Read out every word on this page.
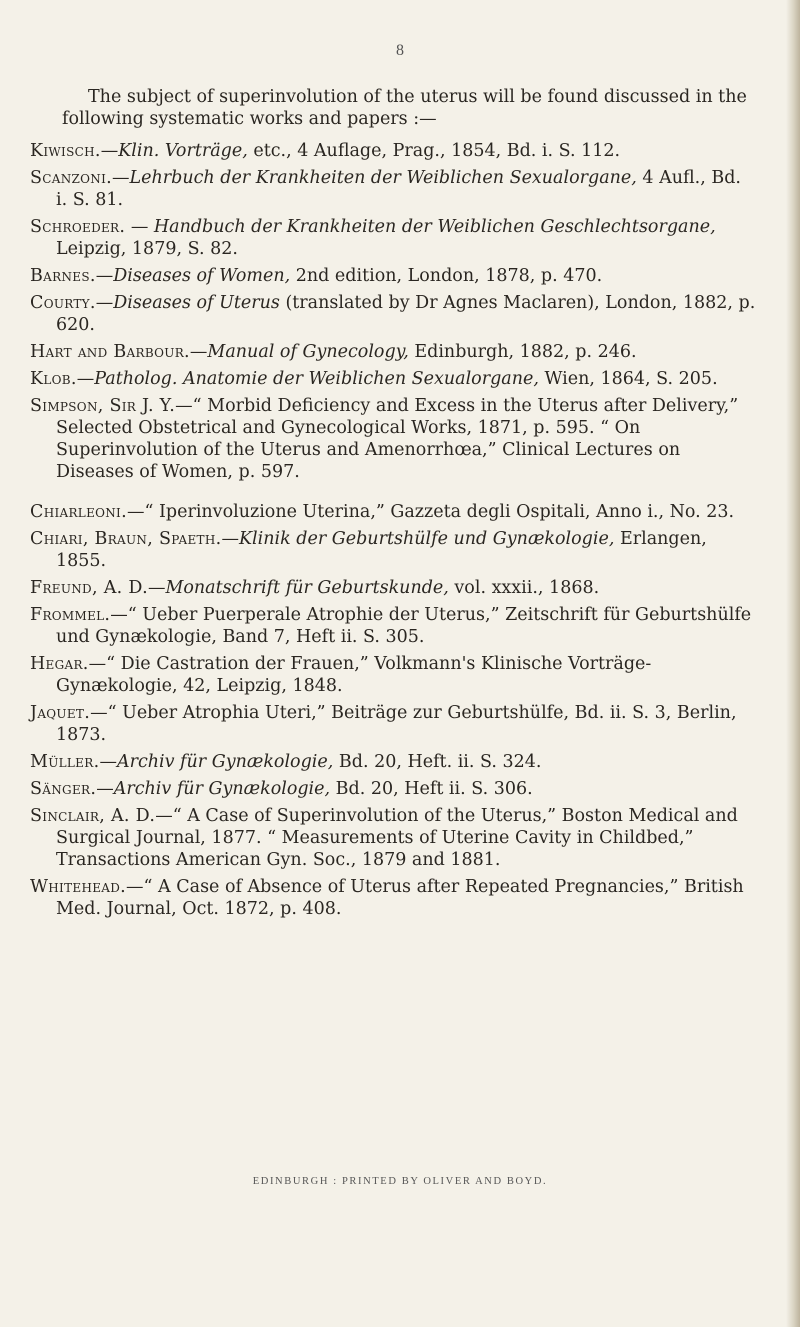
8

The subject of superinvolution of the uterus will be found discussed in the following systematic works and papers :—

Kiwisch.—Klin. Vorträge, etc., 4 Auflage, Prag., 1854, Bd. i. S. 112.

Scanzoni.—Lehrbuch der Krankheiten der Weiblichen Sexualorgane, 4 Aufl., Bd. i. S. 81.

Schroeder. — Handbuch der Krankheiten der Weiblichen Geschlechtsorgane, Leipzig, 1879, S. 82.

Barnes.—Diseases of Women, 2nd edition, London, 1878, p. 470.

Courty.—Diseases of Uterus (translated by Dr Agnes Maclaren), London, 1882, p. 620.

Hart and Barbour.—Manual of Gynecology, Edinburgh, 1882, p. 246.

Klob.—Patholog. Anatomie der Weiblichen Sexualorgane, Wien, 1864, S. 205.

Simpson, Sir J. Y.—“ Morbid Deficiency and Excess in the Uterus after Delivery,” Selected Obstetrical and Gynecological Works, 1871, p. 595. “ On Superinvolution of the Uterus and Amenorrhœa,” Clinical Lectures on Diseases of Women, p. 597.

Chiarleoni.—“ Iperinvoluzione Uterina,” Gazzeta degli Ospitali, Anno i., No. 23.

Chiari, Braun, Spaeth.—Klinik der Geburtshülfe und Gynækologie, Erlangen, 1855.

Freund, A. D.—Monatschrift für Geburtskunde, vol. xxxii., 1868.

Frommel.—“ Ueber Puerperale Atrophie der Uterus,” Zeitschrift für Geburtshülfe und Gynækologie, Band 7, Heft ii. S. 305.

Hegar.—“ Die Castration der Frauen,” Volkmann's Klinische Vorträge-Gynækologie, 42, Leipzig, 1848.

Jaquet.—“ Ueber Atrophia Uteri,” Beiträge zur Geburtshülfe, Bd. ii. S. 3, Berlin, 1873.

Müller.—Archiv für Gynækologie, Bd. 20, Heft. ii. S. 324.

Sänger.—Archiv für Gynækologie, Bd. 20, Heft ii. S. 306.

Sinclair, A. D.—“ A Case of Superinvolution of the Uterus,” Boston Medical and Surgical Journal, 1877. “ Measurements of Uterine Cavity in Childbed,” Transactions American Gyn. Soc., 1879 and 1881.

Whitehead.—“ A Case of Absence of Uterus after Repeated Pregnancies,” British Med. Journal, Oct. 1872, p. 408.

EDINBURGH : PRINTED BY OLIVER AND BOYD.
